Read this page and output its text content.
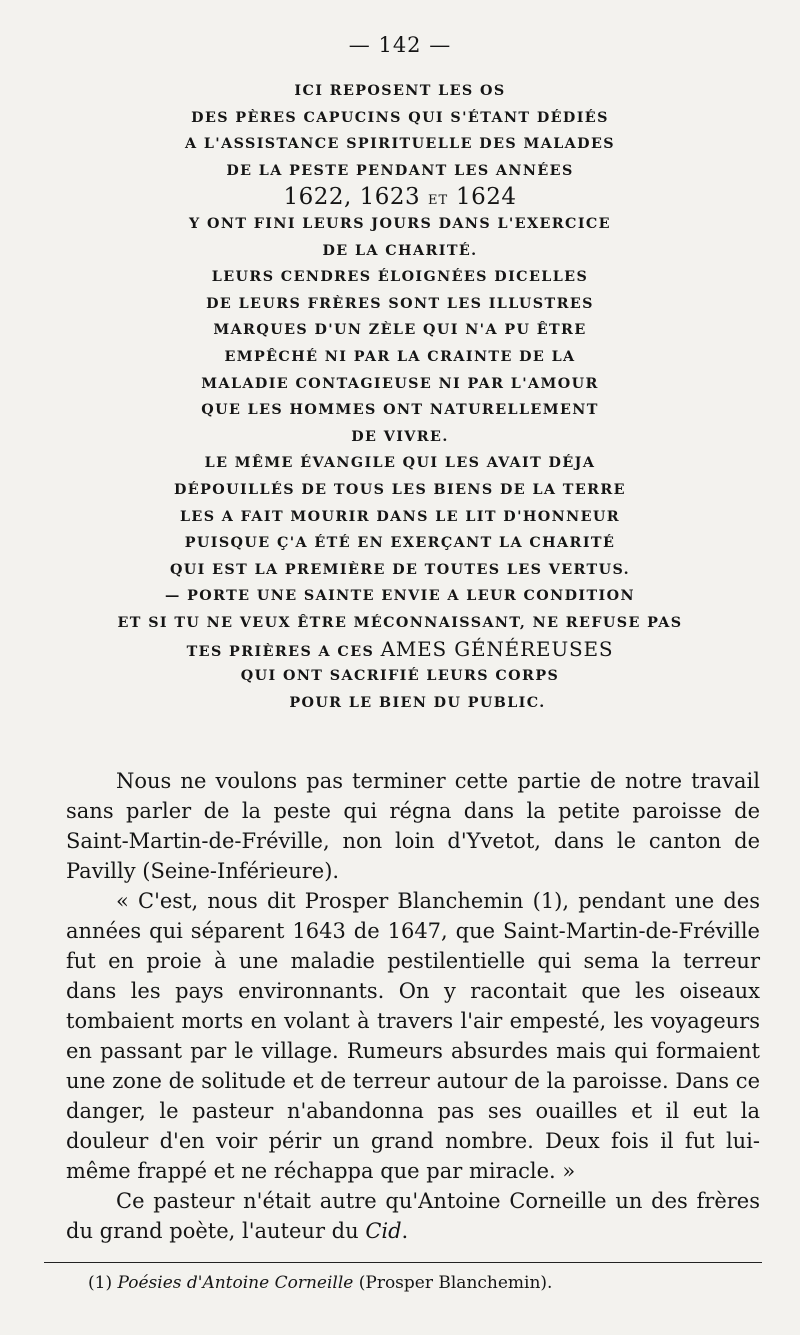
— 142 —
ICI REPOSENT LES OS
DES PÈRES CAPUCINS QUI S'ÉTANT DÉDIÉS
A L'ASSISTANCE SPIRITUELLE DES MALADES
DE LA PESTE PENDANT LES ANNÉES
1622, 1623 ET 1624
Y ONT FINI LEURS JOURS DANS L'EXERCICE
DE LA CHARITÉ.
LEURS CENDRES ÉLOIGNÉES DICELLES
DE LEURS FRÈRES SONT LES ILLUSTRES
MARQUES D'UN ZÈLE QUI N'A PU ÊTRE
EMPÊCHÉ NI PAR LA CRAINTE DE LA
MALADIE CONTAGIEUSE NI PAR L'AMOUR
QUE LES HOMMES ONT NATURELLEMENT
DE VIVRE.
LE MÊME ÉVANGILE QUI LES AVAIT DÉJA
DÉPOUILLÉS DE TOUS LES BIENS DE LA TERRE
LES A FAIT MOURIR DANS LE LIT D'HONNEUR
PUISQUE Ç'A ÉTÉ EN EXERÇANT LA CHARITÉ
QUI EST LA PREMIÈRE DE TOUTES LES VERTUS.
— PORTE UNE SAINTE ENVIE A LEUR CONDITION
ET SI TU NE VEUX ÊTRE MÉCONNAISSANT, NE REFUSE PAS
TES PRIÈRES A CES AMES GÉNÉREUSES
QUI ONT SACRIFIÉ LEURS CORPS
POUR LE BIEN DU PUBLIC.

Nous ne voulons pas terminer cette partie de notre travail sans parler de la peste qui régna dans la petite paroisse de Saint-Martin-de-Fréville, non loin d'Yvetot, dans le canton de Pavilly (Seine-Inférieure).

« C'est, nous dit Prosper Blanchemin (1), pendant une des années qui séparent 1643 de 1647, que Saint-Martin-de-Fréville fut en proie à une maladie pestilentielle qui sema la terreur dans les pays environnants. On y racontait que les oiseaux tombaient morts en volant à travers l'air empesté, les voyageurs en passant par le village. Rumeurs absurdes mais qui formaient une zone de solitude et de terreur autour de la paroisse. Dans ce danger, le pasteur n'abandonna pas ses ouailles et il eut la douleur d'en voir périr un grand nombre. Deux fois il fut lui-même frappé et ne réchappa que par miracle. »

Ce pasteur n'était autre qu'Antoine Corneille un des frères du grand poète, l'auteur du Cid.

(1) Poésies d'Antoine Corneille (Prosper Blanchemin).
